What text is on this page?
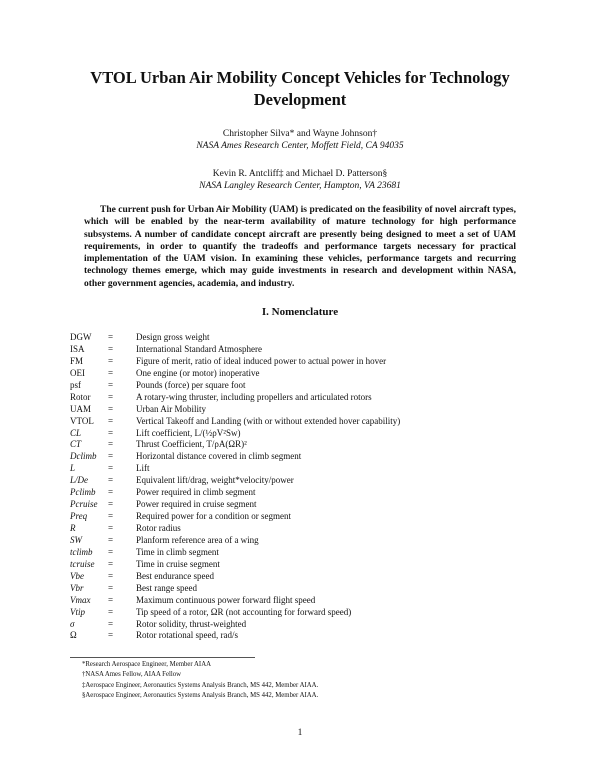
VTOL Urban Air Mobility Concept Vehicles for Technology Development
Christopher Silva* and Wayne Johnson†
NASA Ames Research Center, Moffett Field, CA 94035
Kevin R. Antcliff‡ and Michael D. Patterson§
NASA Langley Research Center, Hampton, VA 23681

The current push for Urban Air Mobility (UAM) is predicated on the feasibility of novel aircraft types, which will be enabled by the near-term availability of mature technology for high performance subsystems. A number of candidate concept aircraft are presently being designed to meet a set of UAM requirements, in order to quantify the tradeoffs and performance targets necessary for practical implementation of the UAM vision. In examining these vehicles, performance targets and recurring technology themes emerge, which may guide investments in research and development within NASA, other government agencies, academia, and industry.

I. Nomenclature
DGW	=	Design gross weight
ISA	=	International Standard Atmosphere
FM	=	Figure of merit, ratio of ideal induced power to actual power in hover
OEI	=	One engine (or motor) inoperative
psf	=	Pounds (force) per square foot
Rotor	=	A rotary-wing thruster, including propellers and articulated rotors
UAM	=	Urban Air Mobility
VTOL	=	Vertical Takeoff and Landing (with or without extended hover capability)
CL	=	Lift coefficient, L/(½ρV²Sw)
CT	=	Thrust Coefficient, T/ρA(ΩR)²
Dclimb	=	Horizontal distance covered in climb segment
L	=	Lift
L/De	=	Equivalent lift/drag, weight*velocity/power
Pclimb	=	Power required in climb segment
Pcruise	=	Power required in cruise segment
Preq	=	Required power for a condition or segment
R	=	Rotor radius
SW	=	Planform reference area of a wing
tclimb	=	Time in climb segment
tcruise	=	Time in cruise segment
Vbe	=	Best endurance speed
Vbr	=	Best range speed
Vmax	=	Maximum continuous power forward flight speed
Vtip	=	Tip speed of a rotor, ΩR (not accounting for forward speed)
σ	=	Rotor solidity, thrust-weighted
Ω	=	Rotor rotational speed, rad/s
*Research Aerospace Engineer, Member AIAA
†NASA Ames Fellow, AIAA Fellow
‡Aerospace Engineer, Aeronautics Systems Analysis Branch, MS 442, Member AIAA.
§Aerospace Engineer, Aeronautics Systems Analysis Branch, MS 442, Member AIAA.
1
